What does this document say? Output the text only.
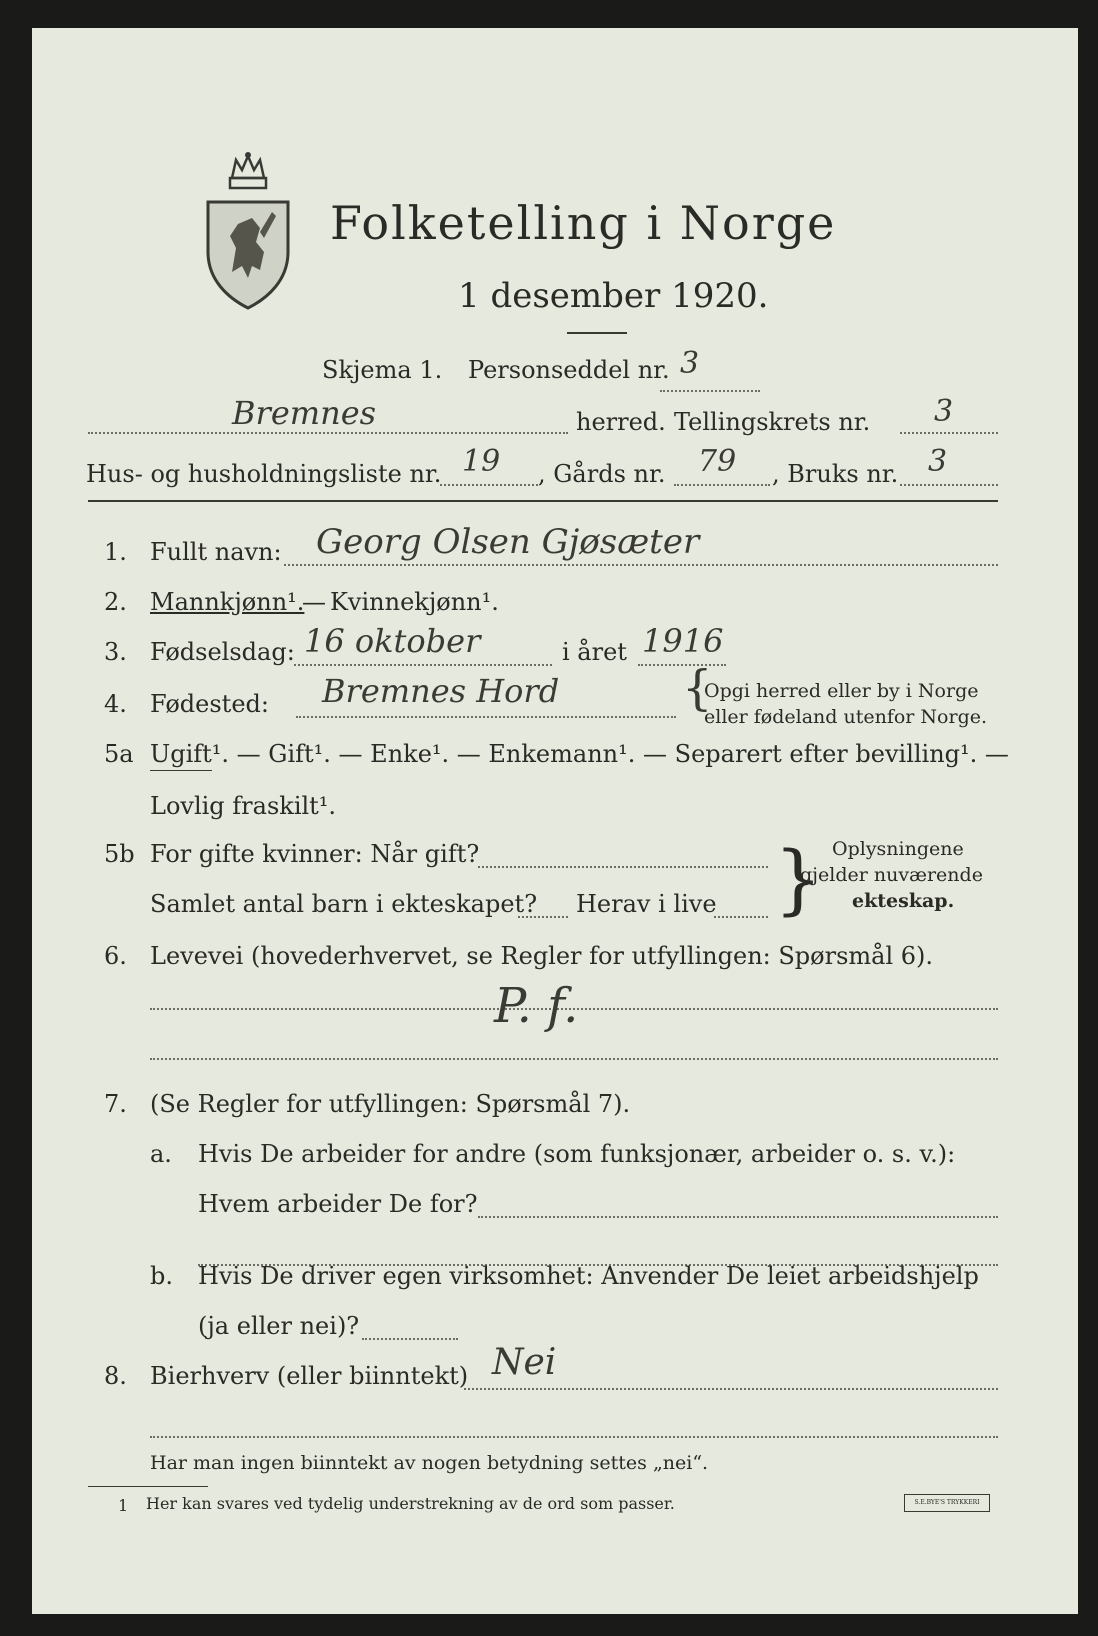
Folketelling i Norge
1 desember 1920.
Skjema 1. Personseddel nr. 3
Bremnes	herred. Tellingskrets nr. 3
Hus- og husholdningsliste nr. 19 , Gårds nr. 79 , Bruks nr. 3
1. Fullt navn: Georg Olsen Gjøsæter
2. Mannkjønn¹.
— Kvinnekjønn¹.
3. Fødselsdag: 16 oktober	i året 1916
4. Fødested: Bremnes Hord	{
Opgi herred eller by i Norge
eller fødeland utenfor Norge.
5a Ugift¹. — Gift¹. — Enke¹. — Enkemann¹. — Separert efter bevilling¹. —
Lovlig fraskilt¹.
5b For gifte kvinner: Når gift?
Samlet antal barn i ekteskapet? Herav i live } Oplysningene
gjelder nuværende
ekteskap.
6. Levevei (hovederhvervet, se Regler for utfyllingen: Spørsmål 6).
P. f.
7. (Se Regler for utfyllingen: Spørsmål 7).
a. Hvis De arbeider for andre (som funksjonær, arbeider o. s. v.):
Hvem arbeider De for?
b. Hvis De driver egen virksomhet: Anvender De leiet arbeidshjelp
(ja eller nei)?
8. Bierhverv (eller biinntekt) Nei
Har man ingen biinntekt av nogen betydning settes „nei“.
1 Her kan svares ved tydelig understrekning av de ord som passer.	S.E.BYE'S TRYKKERI
